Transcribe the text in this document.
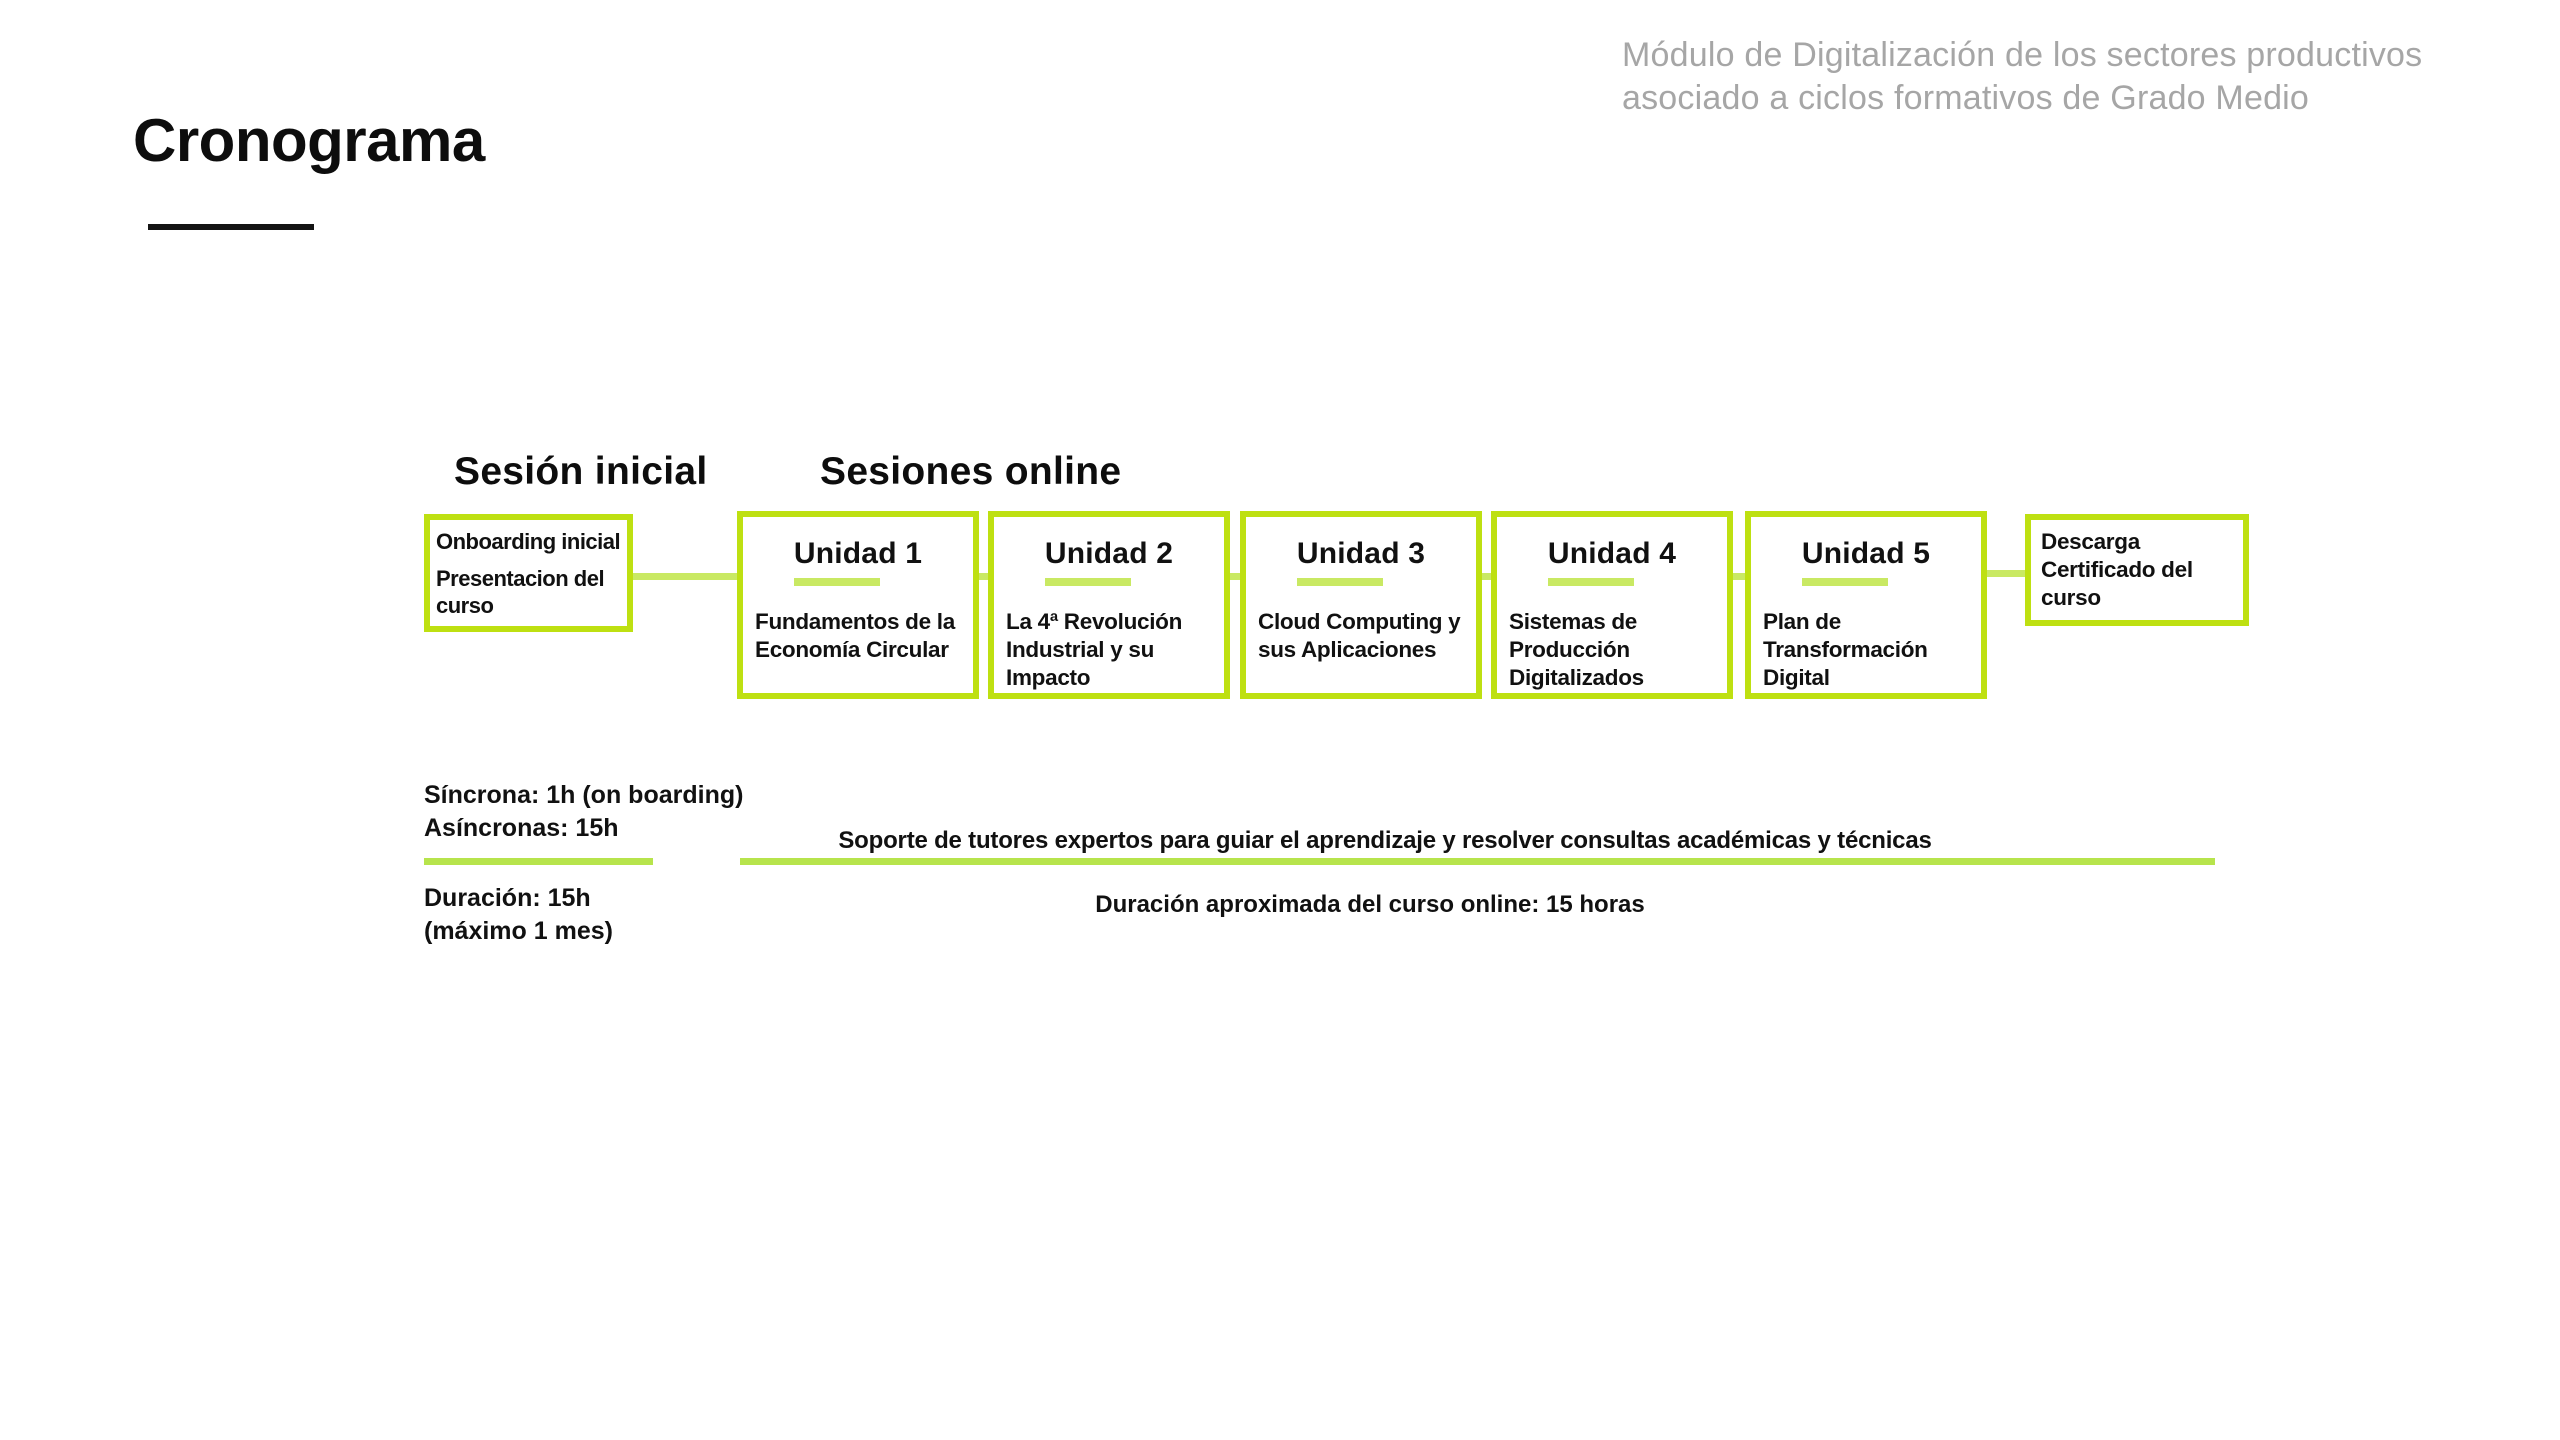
Módulo de Digitalización de los sectores productivos
asociado a ciclos formativos de Grado Medio
Cronograma
Sesión inicial	Sesiones online
Onboarding inicial
Presentacion del curso
Unidad 1
Fundamentos de la Economía Circular
Unidad 2
La 4ª Revolución Industrial y su Impacto
Unidad 3
Cloud Computing y sus Aplicaciones
Unidad 4
Sistemas de Producción Digitalizados
Unidad 5
Plan de Transformación Digital
Descarga Certificado del curso
Síncrona: 1h (on boarding)
Asíncronas: 15h
Duración: 15h
(máximo 1 mes)
Soporte de tutores expertos para guiar el aprendizaje y resolver consultas académicas y técnicas
Duración aproximada del curso online: 15 horas
